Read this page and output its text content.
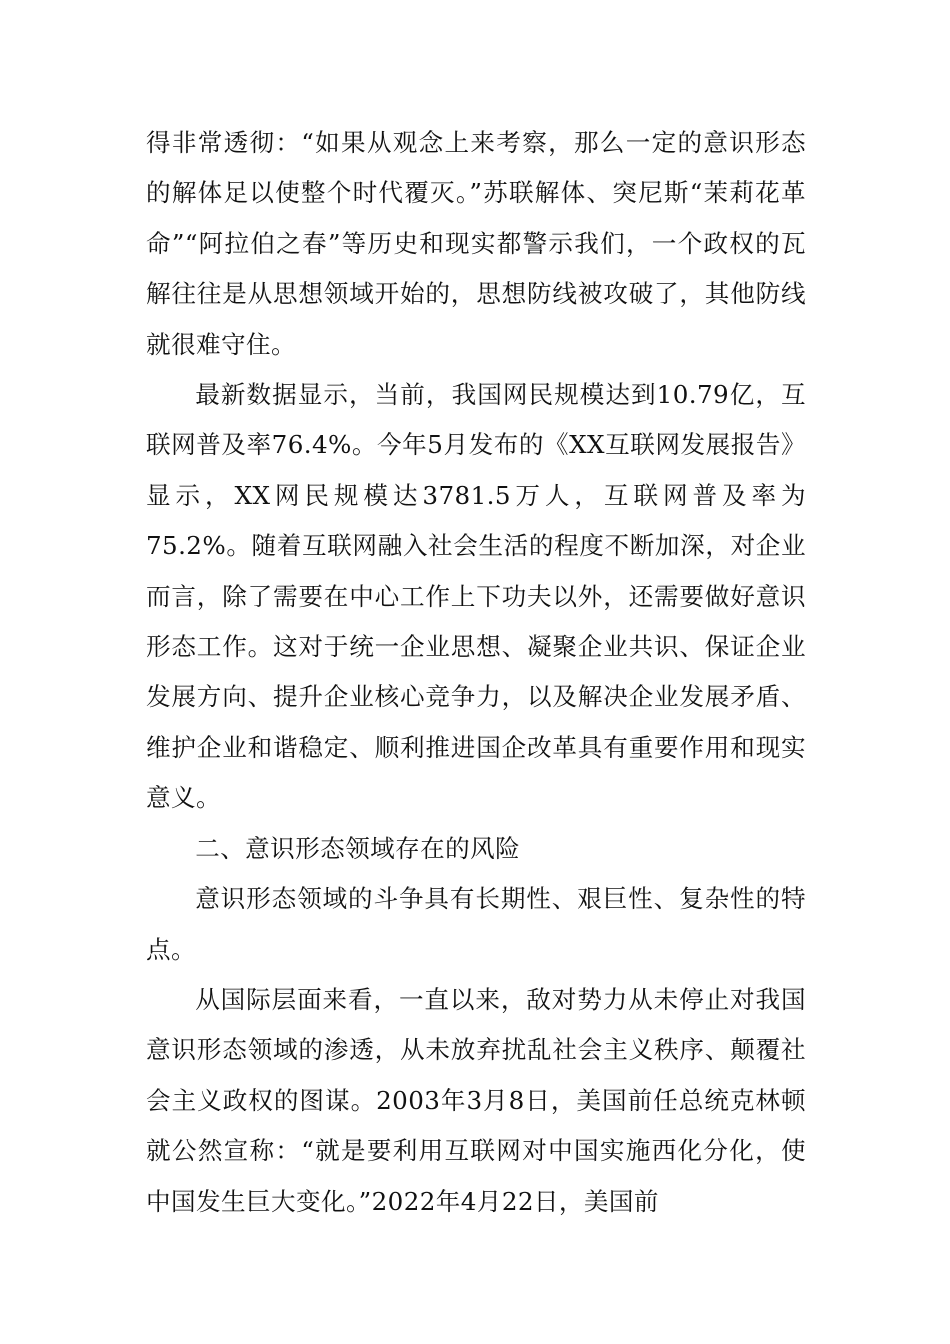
得非常透彻：“如果从观念上来考察，那么一定的意识形态的解体足以使整个时代覆灭。”苏联解体、突尼斯“茉莉花革命”“阿拉伯之春”等历史和现实都警示我们，一个政权的瓦解往往是从思想领域开始的，思想防线被攻破了，其他防线就很难守住。

最新数据显示，当前，我国网民规模达到10.79亿，互联网普及率76.4%。今年5月发布的《XX互联网发展报告》显示，XX网民规模达3781.5万人，互联网普及率为75.2%。随着互联网融入社会生活的程度不断加深，对企业而言，除了需要在中心工作上下功夫以外，还需要做好意识形态工作。这对于统一企业思想、凝聚企业共识、保证企业发展方向、提升企业核心竞争力，以及解决企业发展矛盾、维护企业和谐稳定、顺利推进国企改革具有重要作用和现实意义。

二、意识形态领域存在的风险

意识形态领域的斗争具有长期性、艰巨性、复杂性的特点。

从国际层面来看，一直以来，敌对势力从未停止对我国意识形态领域的渗透，从未放弃扰乱社会主义秩序、颠覆社会主义政权的图谋。2003年3月8日，美国前任总统克林顿就公然宣称：“就是要利用互联网对中国实施西化分化，使中国发生巨大变化。”2022年4月22日，美国前
